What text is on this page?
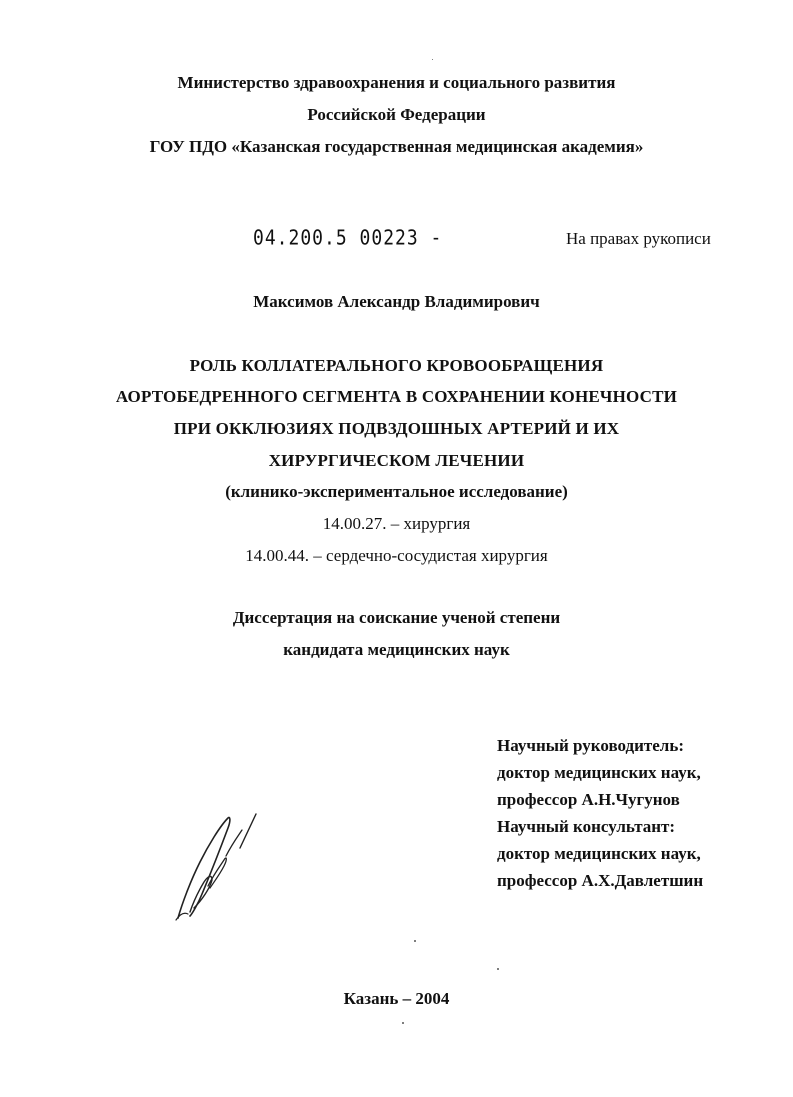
Министерство здравоохранения и социального развития
Российской Федерации
ГОУ ПДО «Казанская государственная медицинская академия»
04.200.5 00223 -	На правах рукописи
Максимов Александр Владимирович
РОЛЬ КОЛЛАТЕРАЛЬНОГО КРОВООБРАЩЕНИЯ
АОРТОБЕДРЕННОГО СЕГМЕНТА В СОХРАНЕНИИ КОНЕЧНОСТИ
ПРИ ОККЛЮЗИЯХ ПОДВЗДОШНЫХ АРТЕРИЙ И ИХ
ХИРУРГИЧЕСКОМ ЛЕЧЕНИИ
(клинико-экспериментальное исследование)
14.00.27. – хирургия
14.00.44. – сердечно-сосудистая хирургия
Диссертация на соискание ученой степени
кандидата медицинских наук
Научный руководитель:
доктор медицинских наук,
профессор А.Н.Чугунов
Научный консультант:
доктор медицинских наук,
профессор А.Х.Давлетшин
Казань – 2004
